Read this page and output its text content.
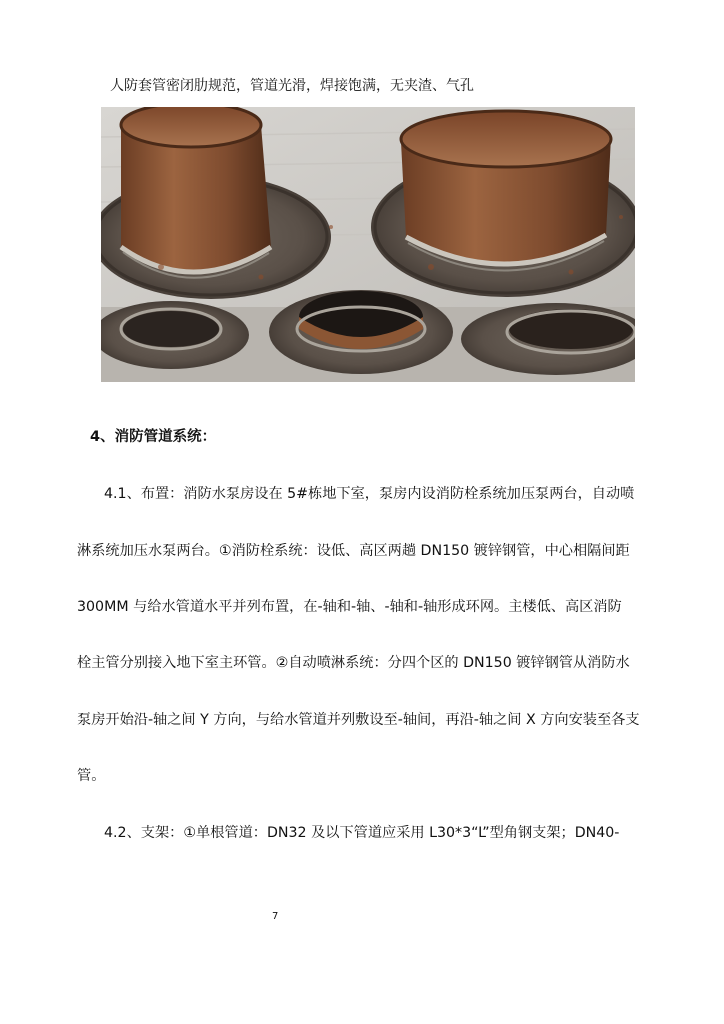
人防套管密闭肋规范，管道光滑，焊接饱满，无夹渣、气孔
4、消防管道系统：
4.1、布置：消防水泵房设在 5#栋地下室，泵房内设消防栓系统加压泵两台，自动喷
淋系统加压水泵两台。①消防栓系统：设低、高区两趟 DN150 镀锌钢管，中心相隔间距
300MM 与给水管道水平并列布置，在-轴和-轴、-轴和-轴形成环网。主楼低、高区消防
栓主管分别接入地下室主环管。②自动喷淋系统：分四个区的 DN150 镀锌钢管从消防水
泵房开始沿-轴之间 Y 方向，与给水管道并列敷设至-轴间，再沿-轴之间 X 方向安装至各支
管。
4.2、支架：①单根管道：DN32 及以下管道应采用 L30*3“L”型角钢支架；DN40-
7
